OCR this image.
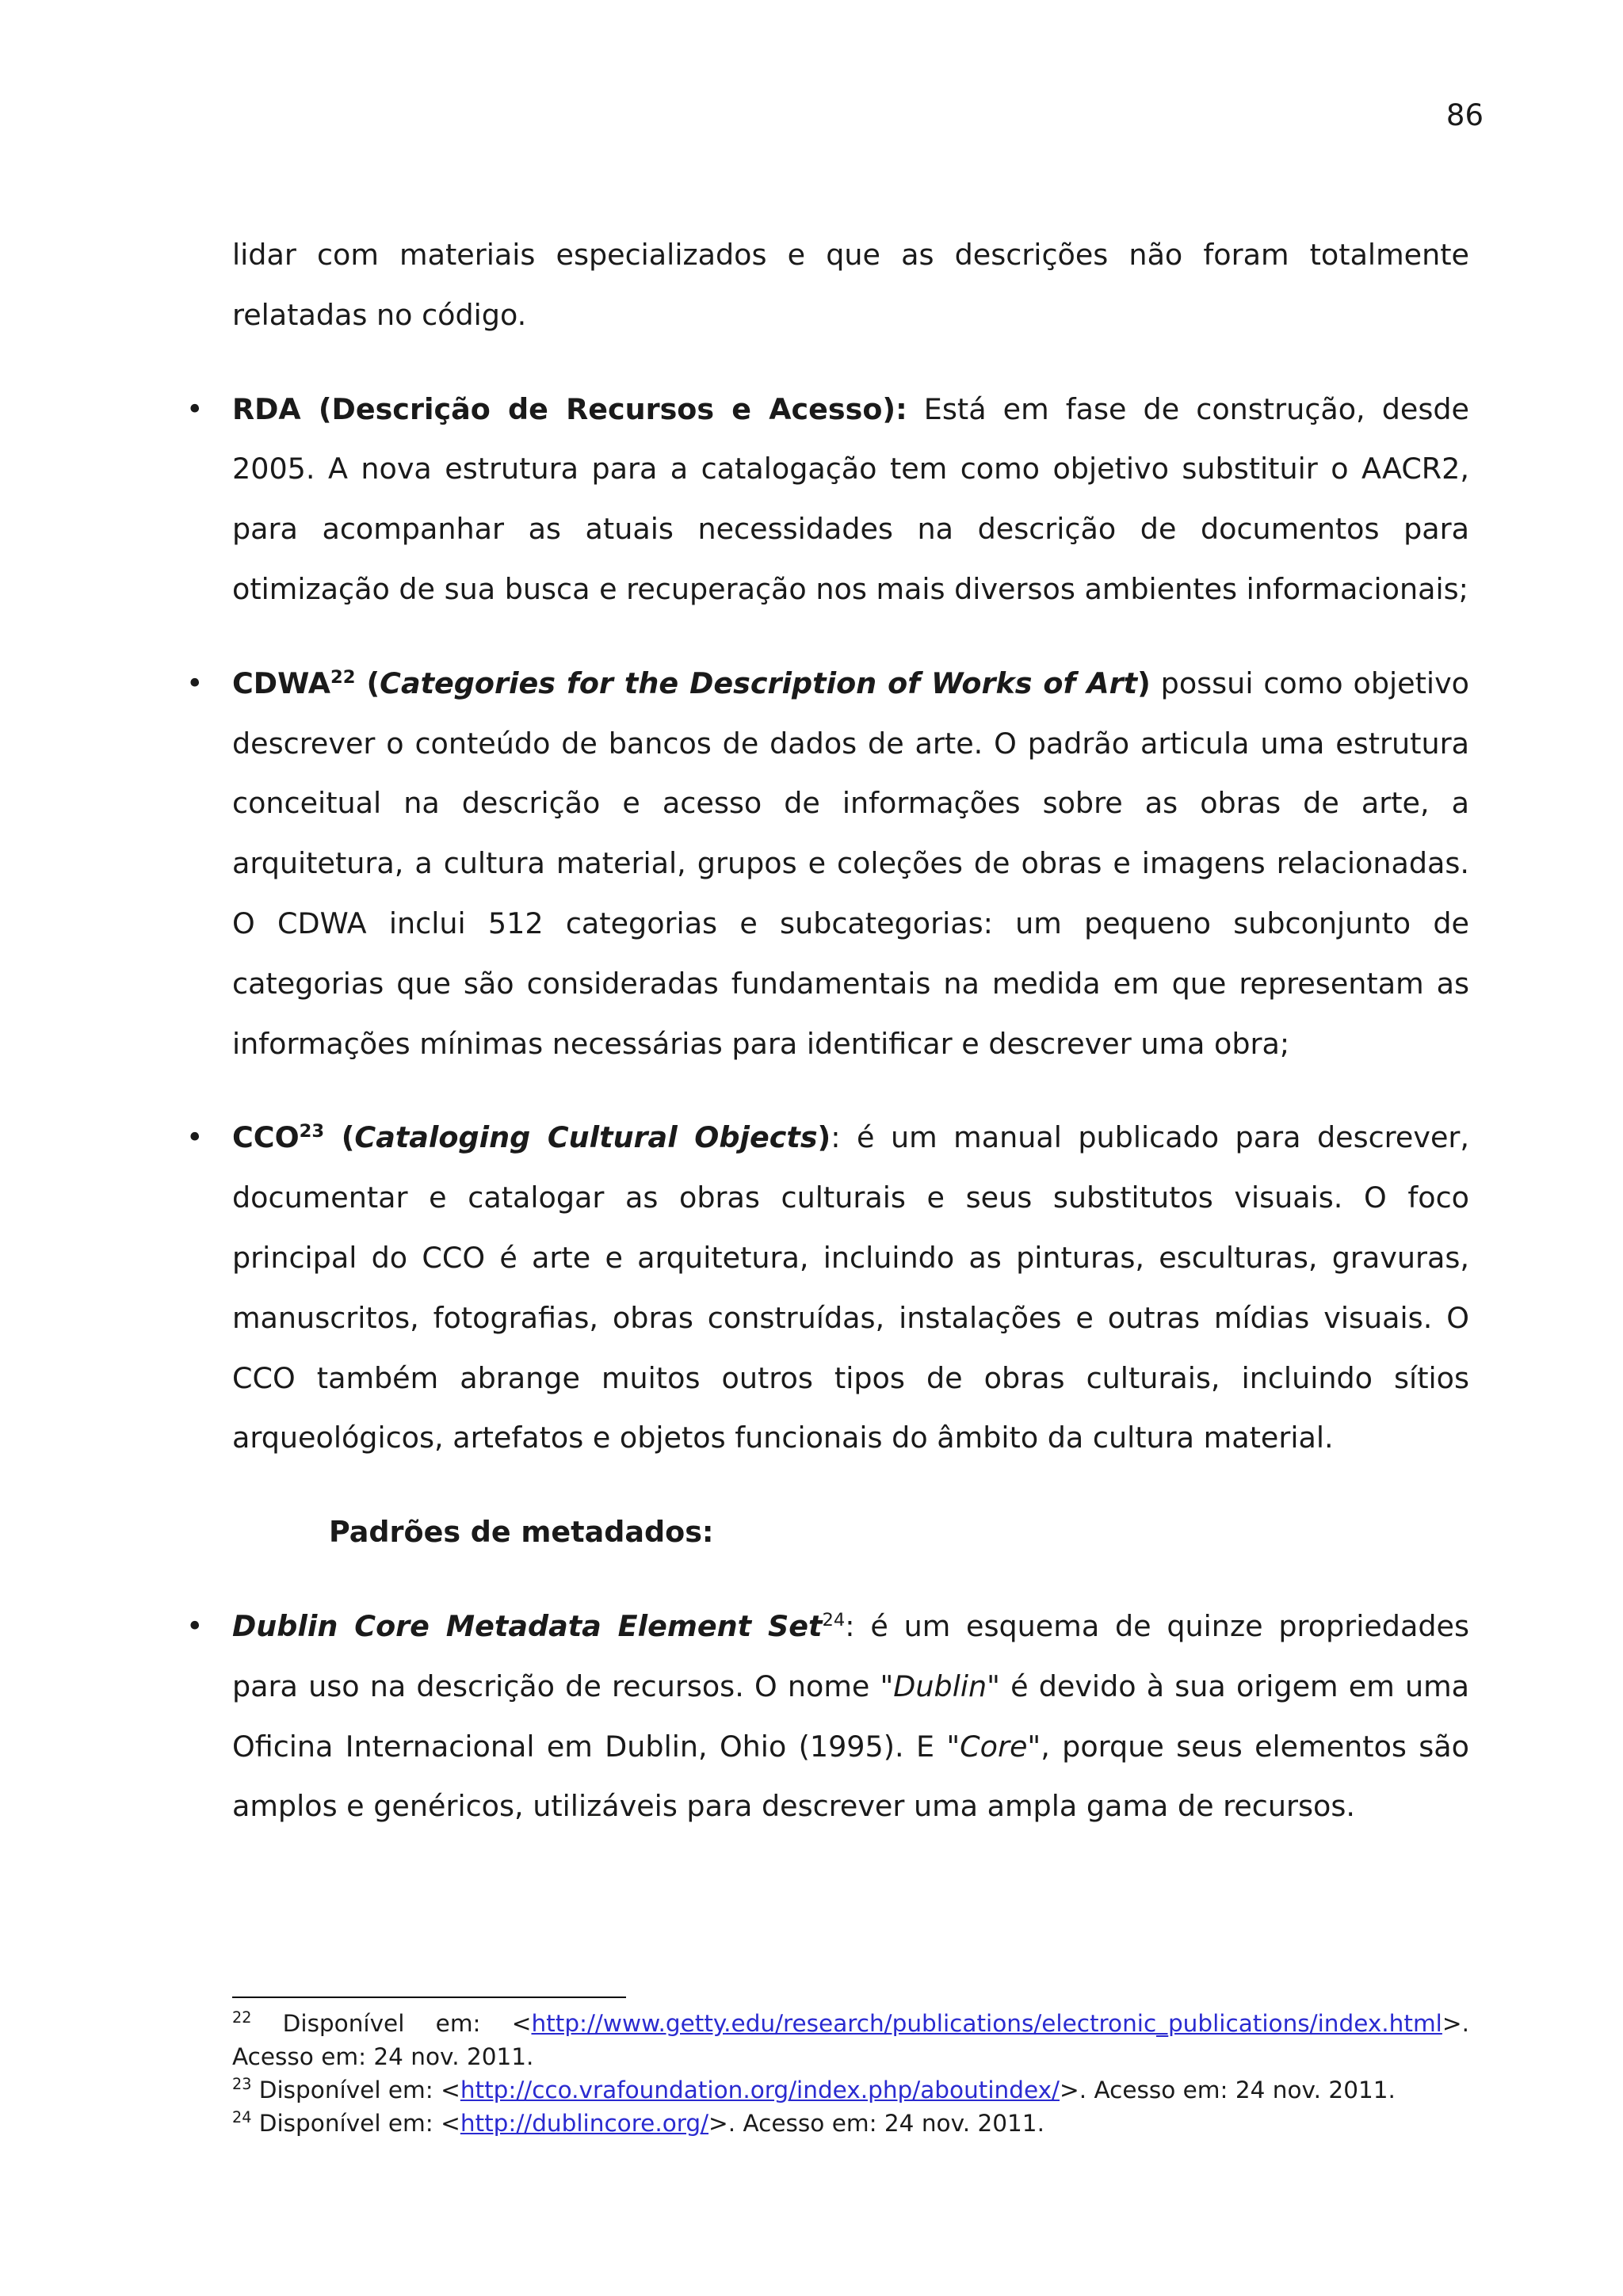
86

lidar com materiais especializados e que as descrições não foram totalmente relatadas no código.

• RDA (Descrição de Recursos e Acesso): Está em fase de construção, desde 2005. A nova estrutura para a catalogação tem como objetivo substituir o AACR2, para acompanhar as atuais necessidades na descrição de documentos para otimização de sua busca e recuperação nos mais diversos ambientes informacionais;

• CDWA$^{22}$ (Categories for the Description of Works of Art) possui como objetivo descrever o conteúdo de bancos de dados de arte. O padrão articula uma estrutura conceitual na descrição e acesso de informações sobre as obras de arte, a arquitetura, a cultura material, grupos e coleções de obras e imagens relacionadas. O CDWA inclui 512 categorias e subcategorias: um pequeno subconjunto de categorias que são consideradas fundamentais na medida em que representam as informações mínimas necessárias para identificar e descrever uma obra;

• CCO$^{23}$ (Cataloging Cultural Objects): é um manual publicado para descrever, documentar e catalogar as obras culturais e seus substitutos visuais. O foco principal do CCO é arte e arquitetura, incluindo as pinturas, esculturas, gravuras, manuscritos, fotografias, obras construídas, instalações e outras mídias visuais. O CCO também abrange muitos outros tipos de obras culturais, incluindo sítios arqueológicos, artefatos e objetos funcionais do âmbito da cultura material.

Padrões de metadados:
• Dublin Core Metadata Element Set$^{24}$: é um esquema de quinze propriedades para uso na descrição de recursos. O nome "Dublin" é devido à sua origem em uma Oficina Internacional em Dublin, Ohio (1995). E "Core", porque seus elementos são amplos e genéricos, utilizáveis para descrever uma ampla gama de recursos.

$^{22}$ Disponível em: <http://www.getty.edu/research/publications/electronic_publications/index.html>. Acesso em: 24 nov. 2011.

$^{23}$ Disponível em: <http://cco.vrafoundation.org/index.php/aboutindex/>. Acesso em: 24 nov. 2011.

$^{24}$ Disponível em: <http://dublincore.org/>. Acesso em: 24 nov. 2011.
